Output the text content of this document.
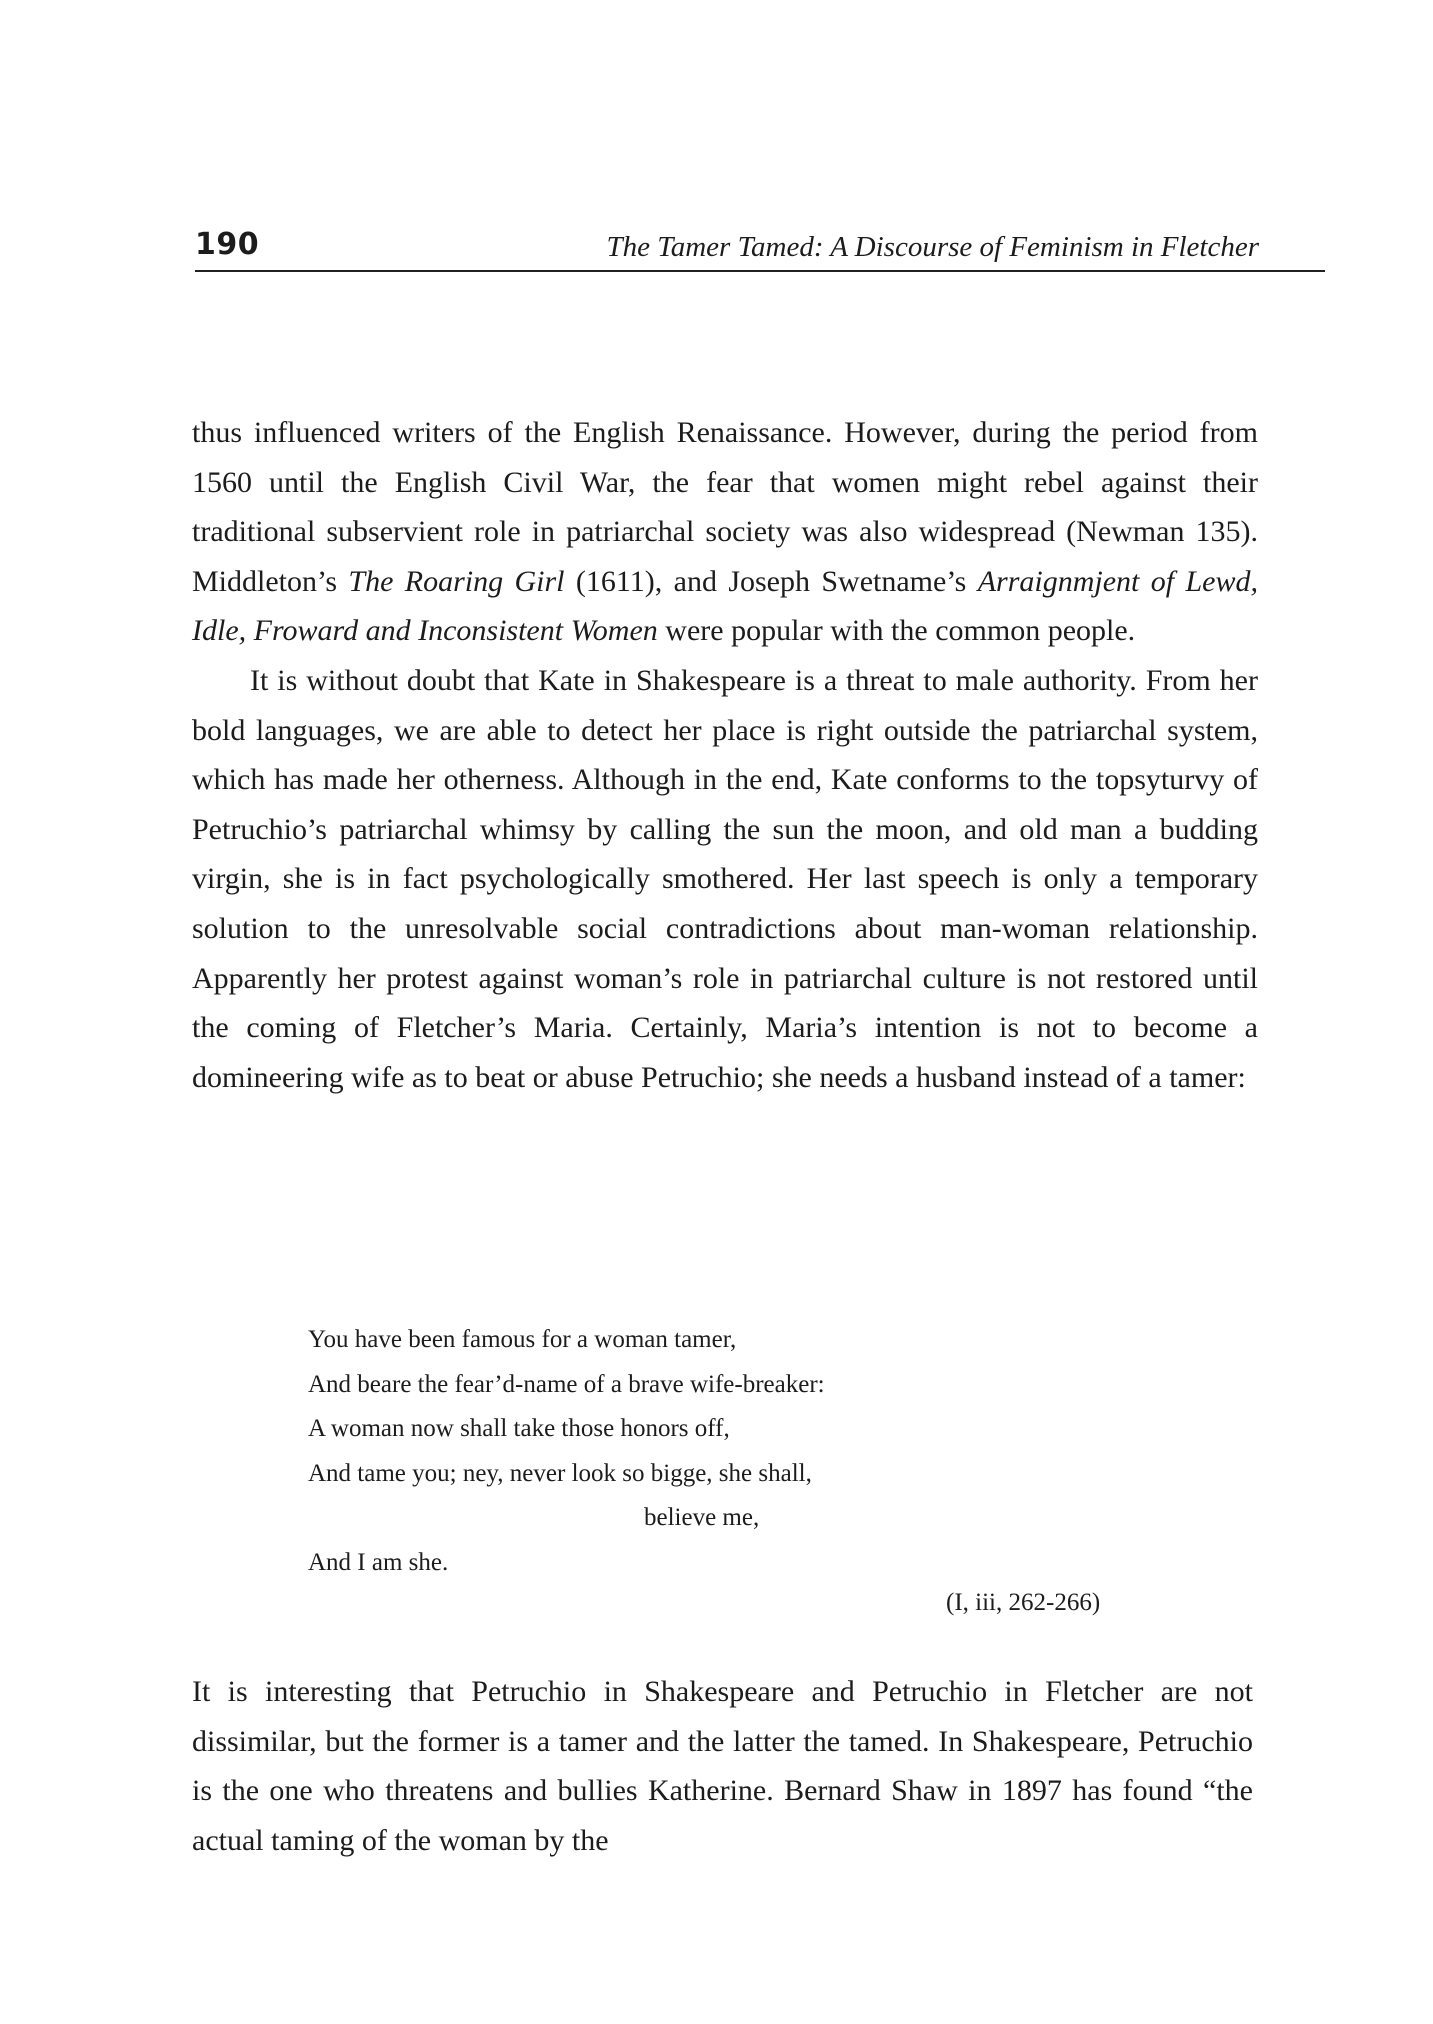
190	The Tamer Tamed: A Discourse of Feminism in Fletcher

thus influenced writers of the English Renaissance. However, during the period from 1560 until the English Civil War, the fear that women might rebel against their traditional subservient role in patriarchal society was also widespread (Newman 135). Middleton’s The Roaring Girl (1611), and Joseph Swetname’s Arraignmjent of Lewd, Idle, Froward and Inconsistent Women were popular with the common people.

It is without doubt that Kate in Shakespeare is a threat to male authority. From her bold languages, we are able to detect her place is right outside the patriarchal system, which has made her otherness. Although in the end, Kate conforms to the topsyturvy of Petruchio’s patriarchal whimsy by calling the sun the moon, and old man a budding virgin, she is in fact psychologically smothered. Her last speech is only a temporary solution to the unresolvable social contradictions about man-woman relationship. Apparently her protest against woman’s role in patriarchal culture is not restored until the coming of Fletcher’s Maria. Certainly, Maria’s intention is not to become a domineering wife as to beat or abuse Petruchio; she needs a husband instead of a tamer:

You have been famous for a woman tamer,
And beare the fear’d-name of a brave wife-breaker:
A woman now shall take those honors off,
And tame you; ney, never look so bigge, she shall,
believe me,
And I am she.
(I, iii, 262-266)

It is interesting that Petruchio in Shakespeare and Petruchio in Fletcher are not dissimilar, but the former is a tamer and the latter the tamed. In Shakespeare, Petruchio is the one who threatens and bullies Katherine. Bernard Shaw in 1897 has found “the actual taming of the woman by the
